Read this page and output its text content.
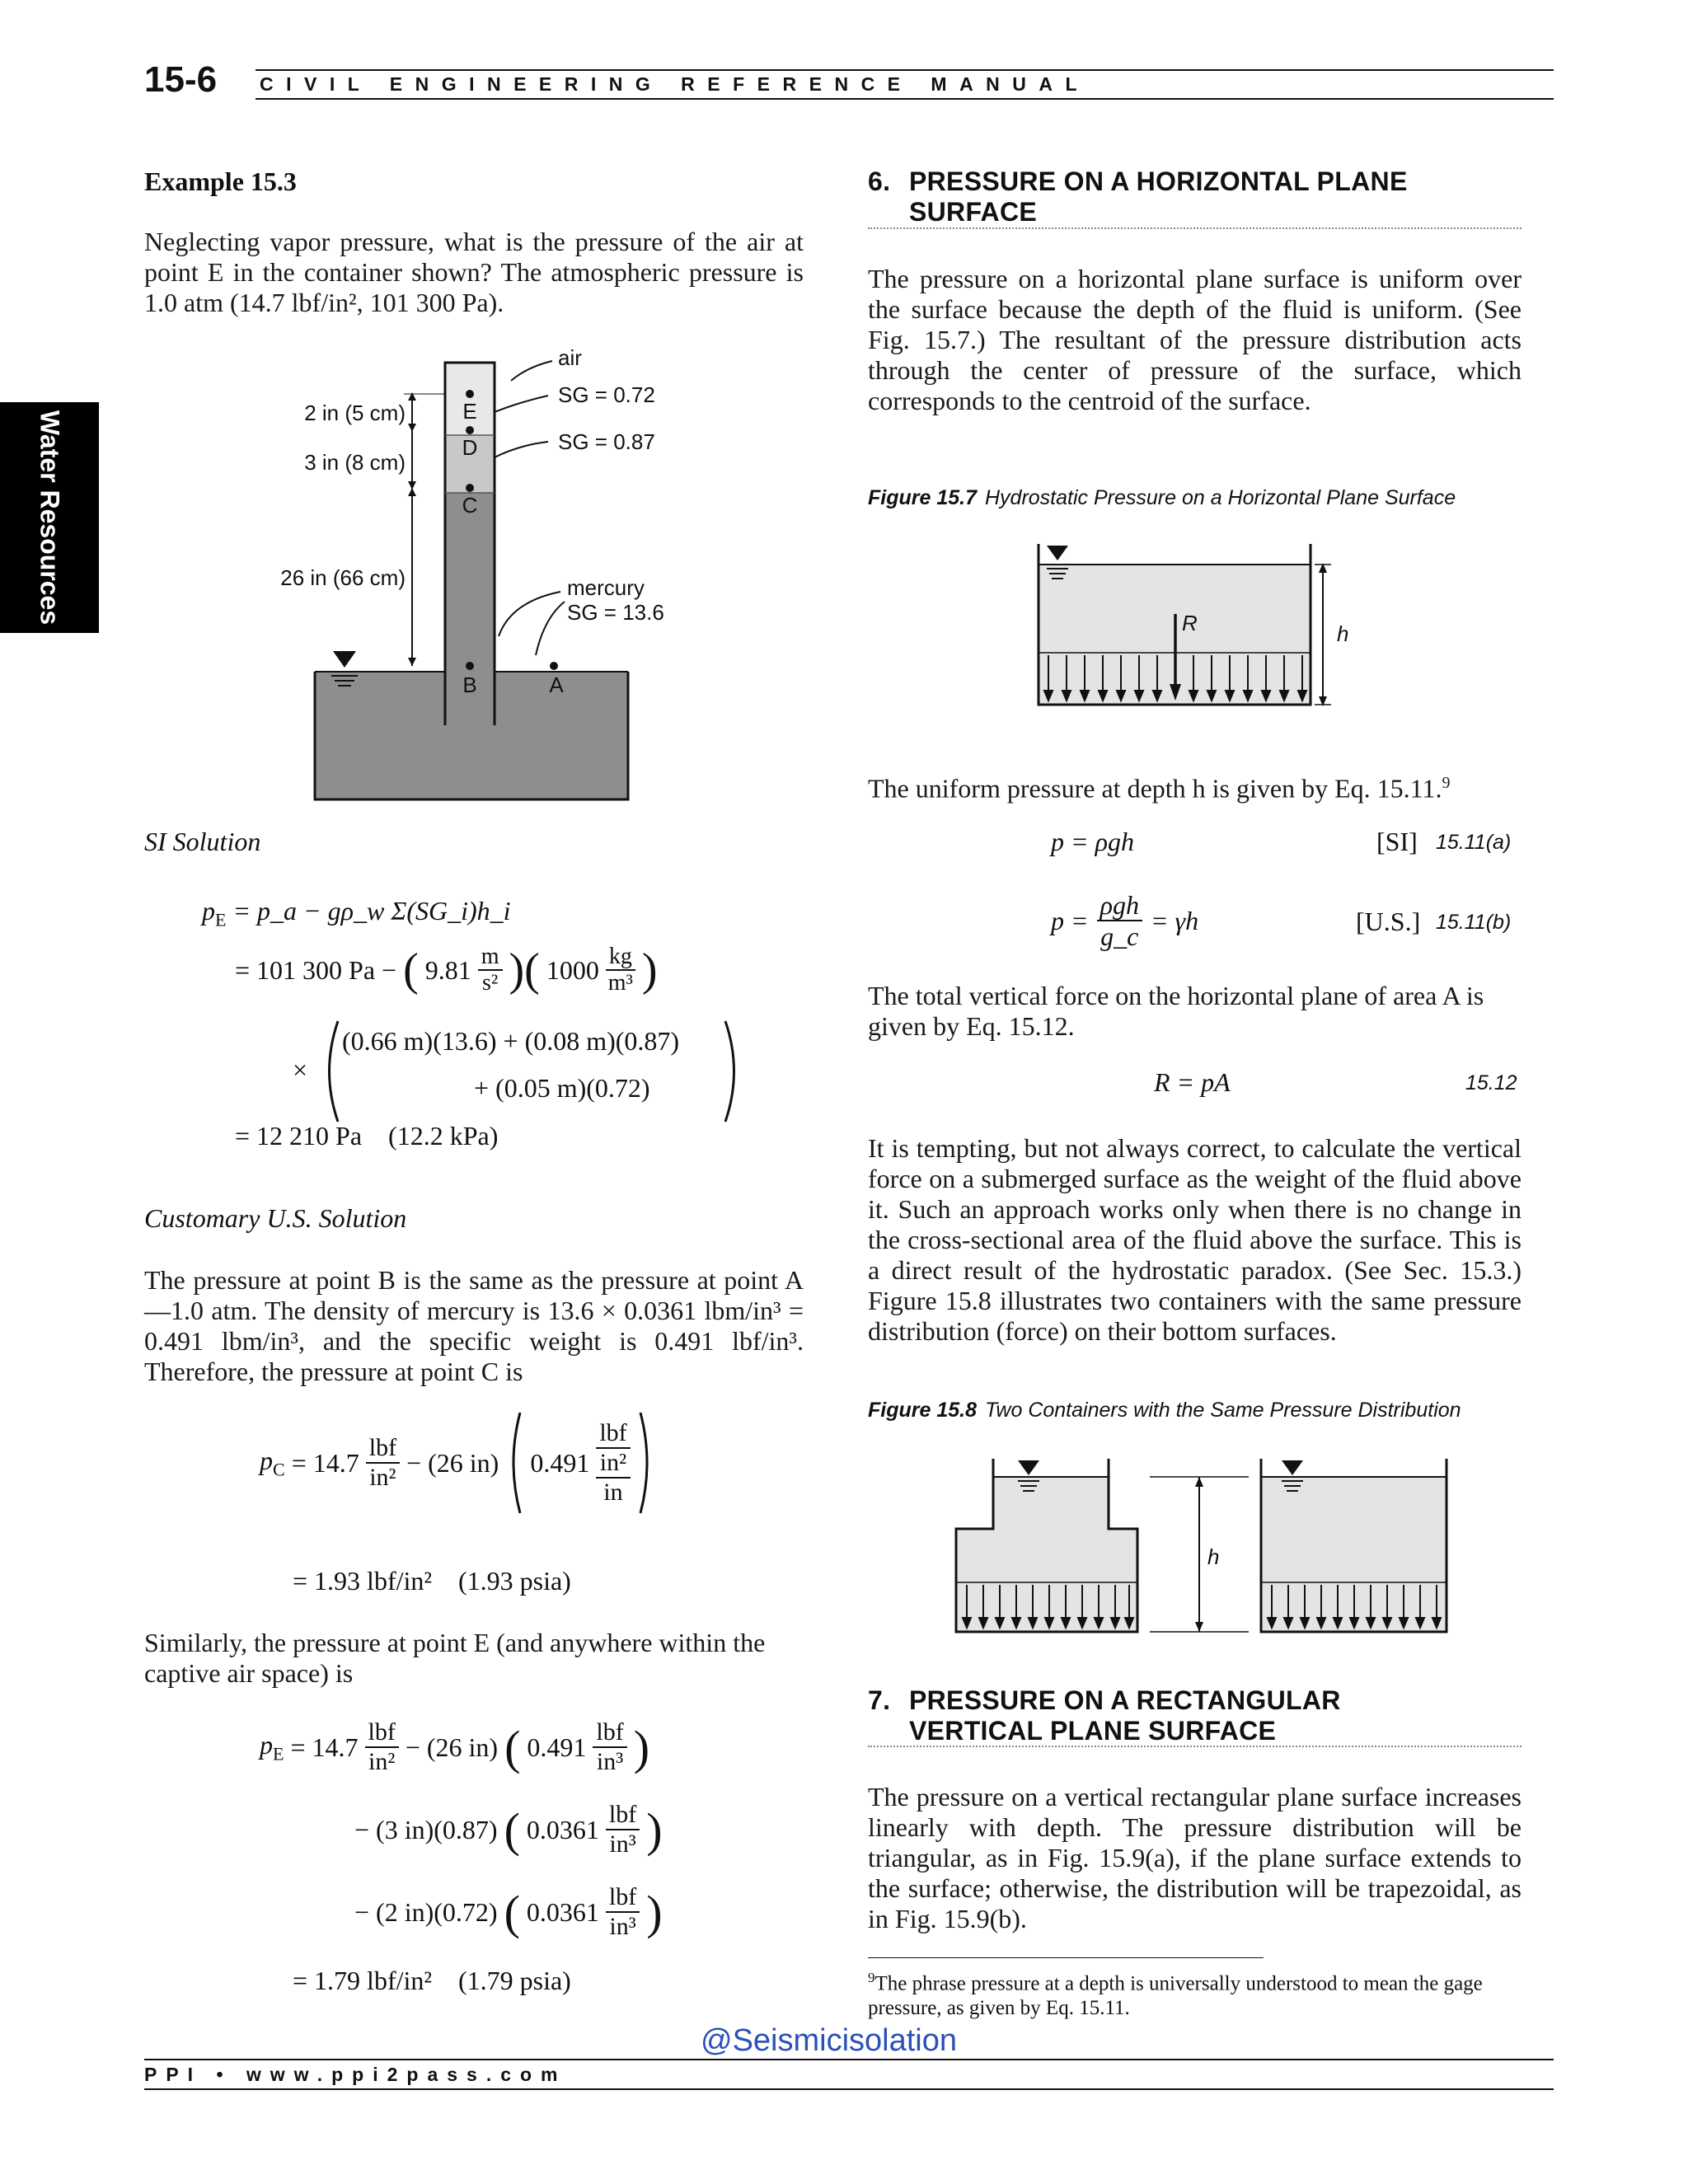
15-6 CIVIL ENGINEERING REFERENCE MANUAL
Water Resources
Example 15.3
Neglecting vapor pressure, what is the pressure of the air at point E in the container shown? The atmospheric pressure is 1.0 atm (14.7 lbf/in², 101 300 Pa).
E
D
C
B	A
air
SG = 0.72
SG = 0.87
mercury
SG = 13.6
2 in (5 cm)
3 in (8 cm)
26 in (66 cm)
SI Solution
$p_E$ = p_a − gρ_w Σ(SG_i)h_i
= 101 300 Pa − ( $9.81 \frac{m}{\text{s²}}$ )( $1000 \frac{kg}{\text{m³}}$ )
×
(0.66 m)(13.6) + (0.08 m)(0.87)
+ (0.05 m)(0.72)
= 12 210 Pa    (12.2 kPa)
Customary U.S. Solution
The pressure at point B is the same as the pressure at point A—1.0 atm. The density of mercury is 13.6 × 0.0361 lbm/in³ = 0.491 lbm/in³, and the specific weight is 0.491 lbf/in³. Therefore, the pressure at point C is
$p_C = 14.7$ lbf
in² − (26 in) 0.491
lbf
in²
in
= 1.93 lbf/in²    (1.93 psia)
Similarly, the pressure at point E (and anywhere within the captive air space) is
$p_E = 14.7$ lbf
in² − (26 in) ( 0.491 lbf
in³ )
− (3 in)(0.87) ( 0.0361 lbf
in³ )
− (2 in)(0.72) ( 0.0361 lbf
in³ )
= 1.79 lbf/in²    (1.79 psia)
6. PRESSURE ON A HORIZONTAL PLANE
SURFACE
The pressure on a horizontal plane surface is uniform over the surface because the depth of the fluid is uniform. (See Fig. 15.7.) The resultant of the pressure distribution acts through the center of pressure of the surface, which corresponds to the centroid of the surface.
Figure 15.7 Hydrostatic Pressure on a Horizontal Plane Surface
R	h
The uniform pressure at depth h is given by Eq. 15.11.$^9$
p = ρgh	[SI] 15.11(a)
p =
ρgh
g_c
= γh	[U.S.] 15.11(b)
The total vertical force on the horizontal plane of area A is given by Eq. 15.12.
R = pA	15.12
It is tempting, but not always correct, to calculate the vertical force on a submerged surface as the weight of the fluid above it. Such an approach works only when there is no change in the cross-sectional area of the fluid above the surface. This is a direct result of the hydrostatic paradox. (See Sec. 15.3.) Figure 15.8 illustrates two containers with the same pressure distribution (force) on their bottom surfaces.
Figure 15.8 Two Containers with the Same Pressure Distribution
h
7. PRESSURE ON A RECTANGULAR
VERTICAL PLANE SURFACE
The pressure on a vertical rectangular plane surface increases linearly with depth. The pressure distribution will be triangular, as in Fig. 15.9(a), if the plane surface extends to the surface; otherwise, the distribution will be trapezoidal, as in Fig. 15.9(b).
$^9$The phrase pressure at a depth is universally understood to mean the gage pressure, as given by Eq. 15.11.
@Seismicisolation
PPI • www.ppi2pass.com
